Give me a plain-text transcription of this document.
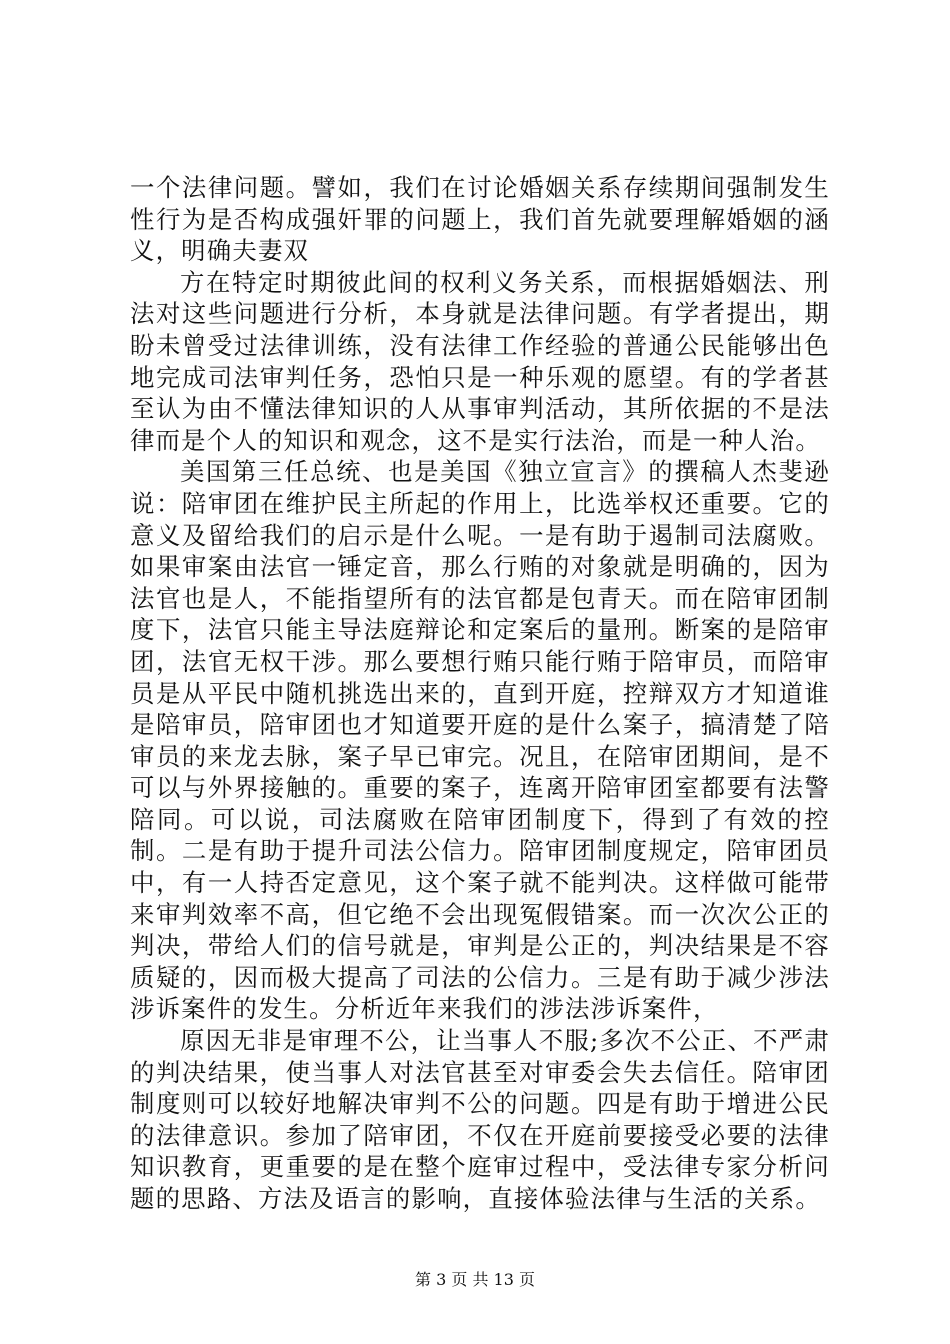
一个法律问题。譬如，我们在讨论婚姻关系存续期间强制发生性行为是否构成强奸罪的问题上，我们首先就要理解婚姻的涵义，明确夫妻双

方在特定时期彼此间的权利义务关系，而根据婚姻法、刑法对这些问题进行分析，本身就是法律问题。有学者提出，期盼未曾受过法律训练，没有法律工作经验的普通公民能够出色地完成司法审判任务，恐怕只是一种乐观的愿望。有的学者甚至认为由不懂法律知识的人从事审判活动，其所依据的不是法律而是个人的知识和观念，这不是实行法治，而是一种人治。

美国第三任总统、也是美国《独立宣言》的撰稿人杰斐逊说：陪审团在维护民主所起的作用上，比选举权还重要。它的意义及留给我们的启示是什么呢。一是有助于遏制司法腐败。如果审案由法官一锤定音，那么行贿的对象就是明确的，因为法官也是人，不能指望所有的法官都是包青天。而在陪审团制度下，法官只能主导法庭辩论和定案后的量刑。断案的是陪审团，法官无权干涉。那么要想行贿只能行贿于陪审员，而陪审员是从平民中随机挑选出来的，直到开庭，控辩双方才知道谁是陪审员，陪审团也才知道要开庭的是什么案子，搞清楚了陪审员的来龙去脉，案子早已审完。况且，在陪审团期间，是不可以与外界接触的。重要的案子，连离开陪审团室都要有法警陪同。可以说，司法腐败在陪审团制度下，得到了有效的控制。二是有助于提升司法公信力。陪审团制度规定，陪审团员中，有一人持否定意见，这个案子就不能判决。这样做可能带来审判效率不高，但它绝不会出现冤假错案。而一次次公正的判决，带给人们的信号就是，审判是公正的，判决结果是不容质疑的，因而极大提高了司法的公信力。三是有助于减少涉法涉诉案件的发生。分析近年来我们的涉法涉诉案件，

原因无非是审理不公，让当事人不服;多次不公正、不严肃的判决结果，使当事人对法官甚至对审委会失去信任。陪审团制度则可以较好地解决审判不公的问题。四是有助于增进公民的法律意识。参加了陪审团，不仅在开庭前要接受必要的法律知识教育，更重要的是在整个庭审过程中，受法律专家分析问题的思路、方法及语言的影响，直接体验法律与生活的关系。

第 3 页 共 13 页
